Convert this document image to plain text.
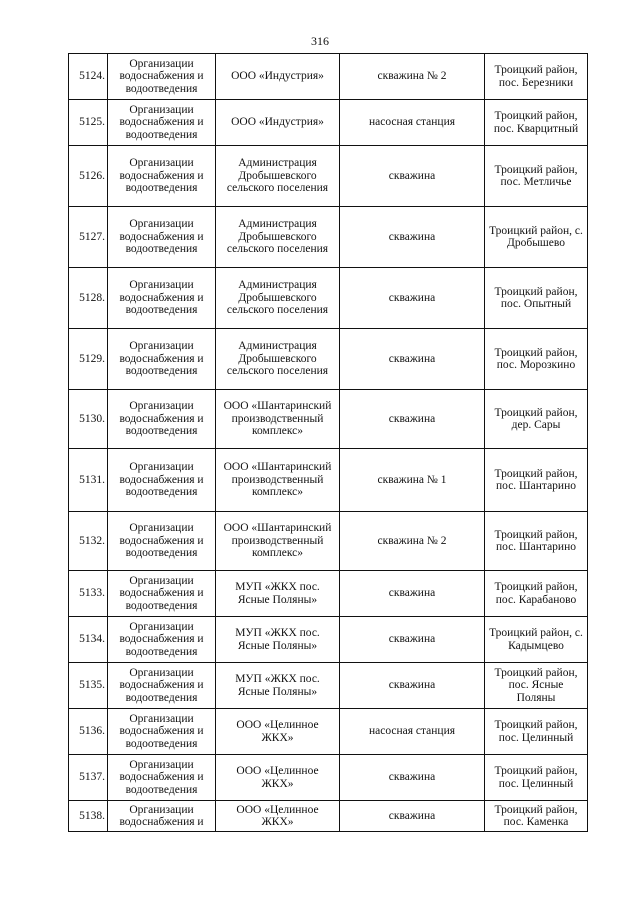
316
5124.	Организации водоснабжения и водоотведения	ООО «Индустрия»	скважина № 2	Троицкий район, пос. Березники
5125.	Организации водоснабжения и водоотведения	ООО «Индустрия»	насосная станция	Троицкий район, пос. Кварцитный
5126.	Организации водоснабжения и водоотведения	Администрация Дробышевского сельского поселения	скважина	Троицкий район, пос. Метличье
5127.	Организации водоснабжения и водоотведения	Администрация Дробышевского сельского поселения	скважина	Троицкий район, с. Дробышево
5128.	Организации водоснабжения и водоотведения	Администрация Дробышевского сельского поселения	скважина	Троицкий район, пос. Опытный
5129.	Организации водоснабжения и водоотведения	Администрация Дробышевского сельского поселения	скважина	Троицкий район, пос. Морозкино
5130.	Организации водоснабжения и водоотведения	ООО «Шантаринский производственный комплекс»	скважина	Троицкий район, дер. Сары
5131.	Организации водоснабжения и водоотведения	ООО «Шантаринский производственный комплекс»	скважина № 1	Троицкий район, пос. Шантарино
5132.	Организации водоснабжения и водоотведения	ООО «Шантаринский производственный комплекс»	скважина № 2	Троицкий район, пос. Шантарино
5133.	Организации водоснабжения и водоотведения	МУП «ЖКХ пос. Ясные Поляны»	скважина	Троицкий район, пос. Карабаново
5134.	Организации водоснабжения и водоотведения	МУП «ЖКХ пос. Ясные Поляны»	скважина	Троицкий район, с. Кадымцево
5135.	Организации водоснабжения и водоотведения	МУП «ЖКХ пос. Ясные Поляны»	скважина	Троицкий район, пос. Ясные Поляны
5136.	Организации водоснабжения и водоотведения	ООО «Целинное ЖКХ»	насосная станция	Троицкий район, пос. Целинный
5137.	Организации водоснабжения и водоотведения	ООО «Целинное ЖКХ»	скважина	Троицкий район, пос. Целинный
5138.	Организации водоснабжения и	ООО «Целинное ЖКХ»	скважина	Троицкий район, пос. Каменка
